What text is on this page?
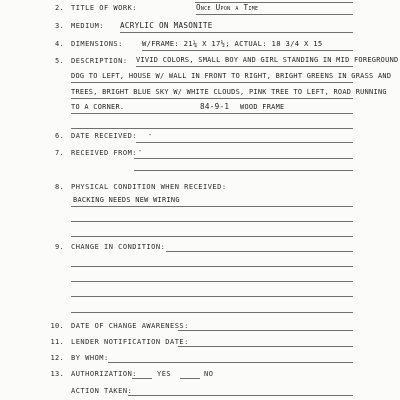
2. TITLE OF WORK:	Once Upon a Time
3. MEDIUM: ACRYLIC ON MASONITE
4. DIMENSIONS:	W/FRAME: 21¼ X 17½; ACTUAL: 18 3/4 X 15
5. DESCRIPTION: VIVID COLORS, SMALL BOY AND GIRL STANDING IN MID FOREGROUND
DOG TO LEFT, HOUSE W/ WALL IN FRONT TO RIGHT, BRIGHT GREENS IN GRASS AND
TREES, BRIGHT BLUE SKY W/ WHITE CLOUDS, PINK TREE TO LEFT, ROAD RUNNING
TO A CORNER.	84-9-1 WOOD FRAME
6. DATE RECEIVED: -
7. RECEIVED FROM: -
8. PHYSICAL CONDITION WHEN RECEIVED:
BACKING NEEDS NEW WIRING
9. CHANGE IN CONDITION:
10. DATE OF CHANGE AWARENESS:
11. LENDER NOTIFICATION DATE:
12. BY WHOM:
13. AUTHORIZATION:	YES	NO
ACTION TAKEN:
